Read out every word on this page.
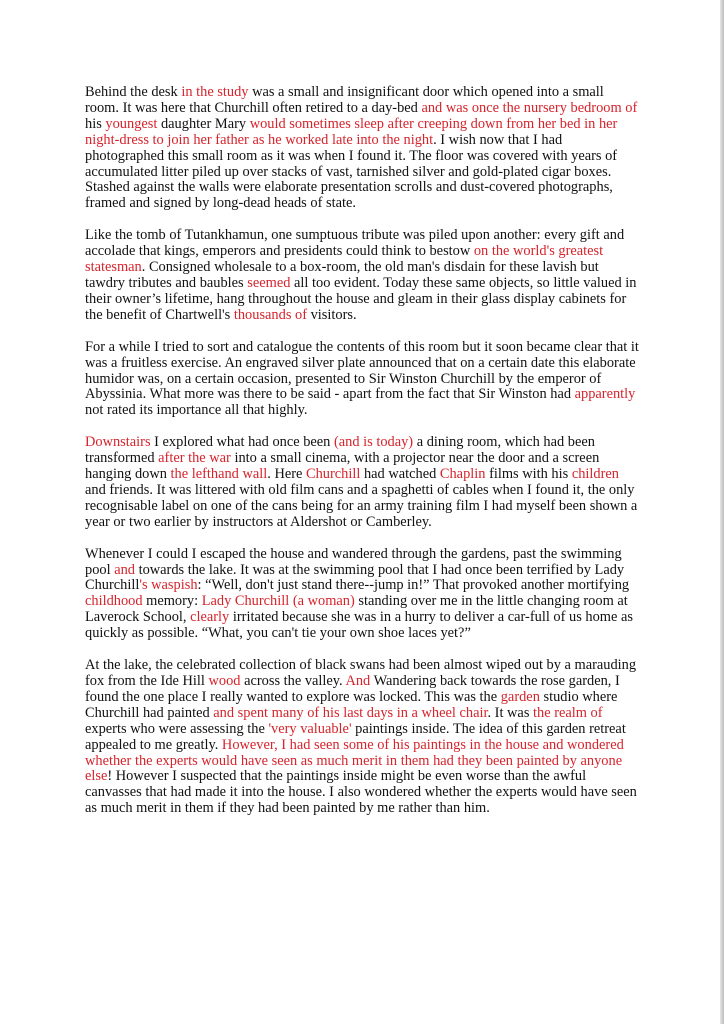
Behind the desk in the study was a small and insignificant door which opened into a small room. It was here that Churchill often retired to a day-bed and was once the nursery bedroom of his youngest daughter Mary would sometimes sleep after creeping down from her bed in her night-dress to join her father as he worked late into the night. I wish now that I had photographed this small room as it was when I found it. The floor was covered with years of accumulated litter piled up over stacks of vast, tarnished silver and gold-plated cigar boxes. Stashed against the walls were elaborate presentation scrolls and dust-covered photographs, framed and signed by long-dead heads of state.

Like the tomb of Tutankhamun, one sumptuous tribute was piled upon another: every gift and accolade that kings, emperors and presidents could think to bestow on the world's greatest statesman. Consigned wholesale to a box-room, the old man's disdain for these lavish but tawdry tributes and baubles seemed all too evident. Today these same objects, so little valued in their owner’s lifetime, hang throughout the house and gleam in their glass display cabinets for the benefit of Chartwell's thousands of visitors.

For a while I tried to sort and catalogue the contents of this room but it soon became clear that it was a fruitless exercise. An engraved silver plate announced that on a certain date this elaborate humidor was, on a certain occasion, presented to Sir Winston Churchill by the emperor of Abyssinia. What more was there to be said - apart from the fact that Sir Winston had apparently not rated its importance all that highly.

Downstairs I explored what had once been (and is today) a dining room, which had been transformed after the war into a small cinema, with a projector near the door and a screen hanging down the lefthand wall. Here Churchill had watched Chaplin films with his children and friends. It was littered with old film cans and a spaghetti of cables when I found it, the only recognisable label on one of the cans being for an army training film I had myself been shown a year or two earlier by instructors at Aldershot or Camberley.

Whenever I could I escaped the house and wandered through the gardens, past the swimming pool and towards the lake. It was at the swimming pool that I had once been terrified by Lady Churchill's waspish: “Well, don't just stand there--jump in!” That provoked another mortifying childhood memory: Lady Churchill (a woman) standing over me in the little changing room at Laverock School, clearly irritated because she was in a hurry to deliver a car-full of us home as quickly as possible. “What, you can't tie your own shoe laces yet?”

At the lake, the celebrated collection of black swans had been almost wiped out by a marauding fox from the Ide Hill wood across the valley. And Wandering back towards the rose garden, I found the one place I really wanted to explore was locked. This was the garden studio where Churchill had painted and spent many of his last days in a wheel chair. It was the realm of experts who were assessing the 'very valuable' paintings inside. The idea of this garden retreat appealed to me greatly. However, I had seen some of his paintings in the house and wondered whether the experts would have seen as much merit in them had they been painted by anyone else! However I suspected that the paintings inside might be even worse than the awful canvasses that had made it into the house. I also wondered whether the experts would have seen as much merit in them if they had been painted by me rather than him.
